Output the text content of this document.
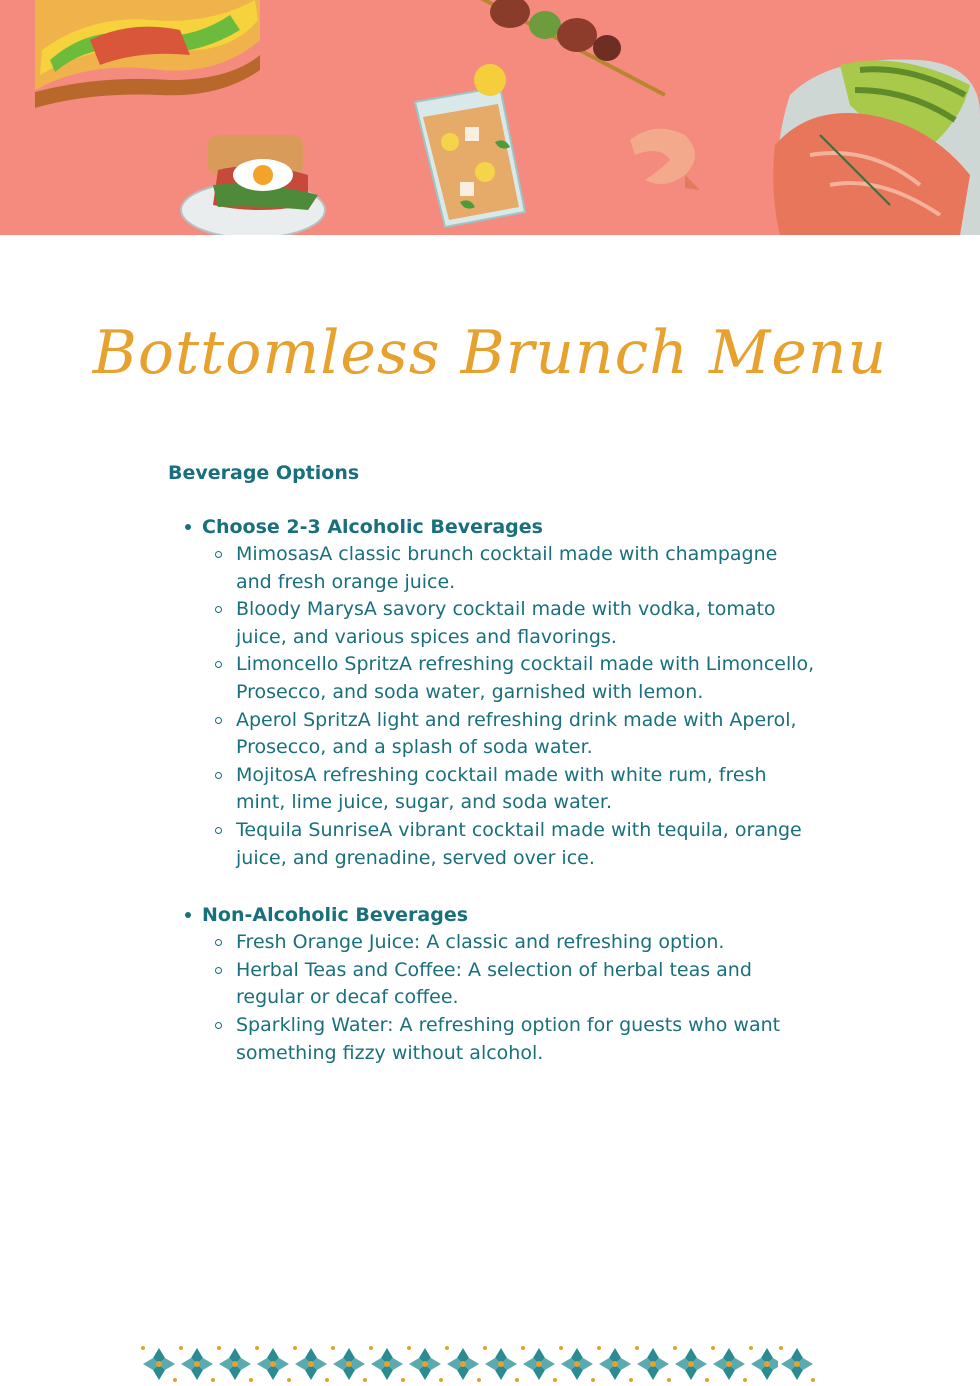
Bottomless Brunch Menu
Beverage Options
Choose 2-3 Alcoholic Beverages
MimosasA classic brunch cocktail made with champagne and fresh orange juice.
Bloody MarysA savory cocktail made with vodka, tomato juice, and various spices and flavorings.
Limoncello SpritzA refreshing cocktail made with Limoncello, Prosecco, and soda water, garnished with lemon.
Aperol SpritzA light and refreshing drink made with Aperol, Prosecco, and a splash of soda water.
MojitosA refreshing cocktail made with white rum, fresh mint, lime juice, sugar, and soda water.
Tequila SunriseA vibrant cocktail made with tequila, orange juice, and grenadine, served over ice.
Non-Alcoholic Beverages
Fresh Orange Juice: A classic and refreshing option.
Herbal Teas and Coffee: A selection of herbal teas and regular or decaf coffee.
Sparkling Water: A refreshing option for guests who want something fizzy without alcohol.
